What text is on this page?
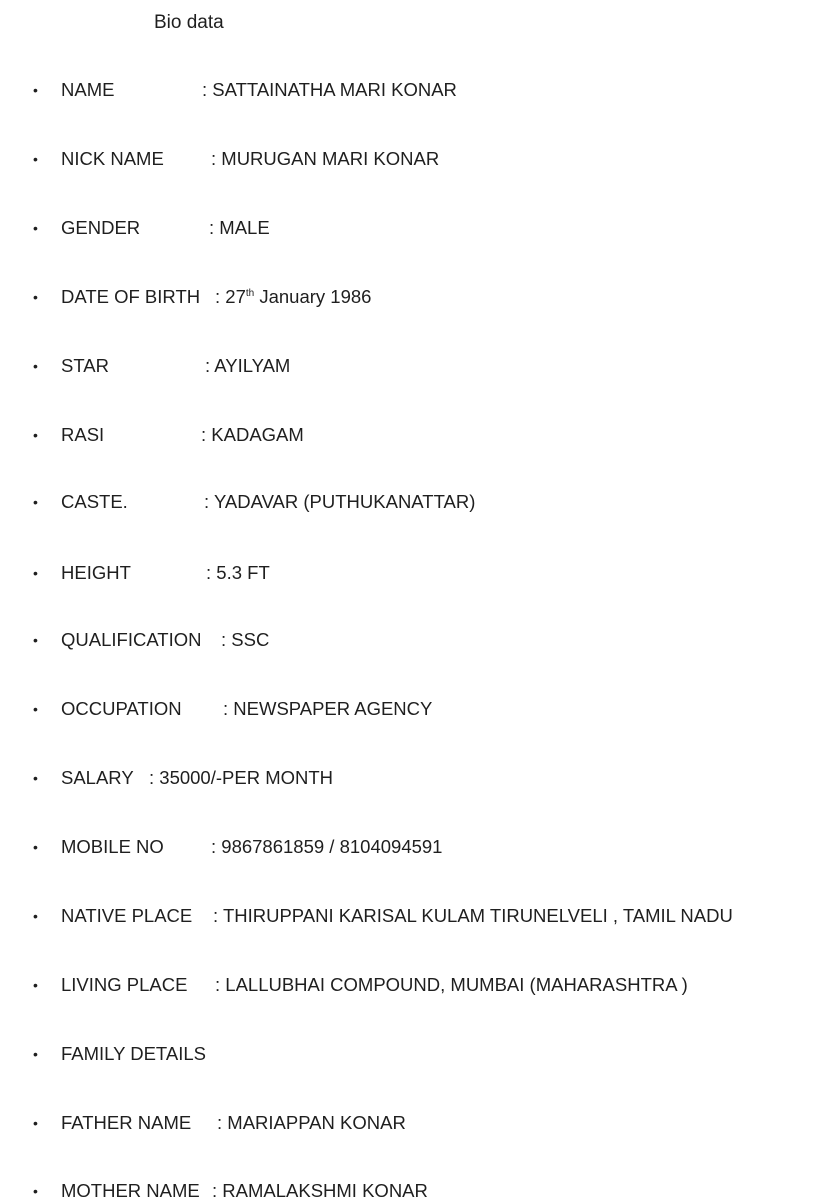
Bio data
• NAME	: SATTAINATHA MARI KONAR
• NICK NAME	: MURUGAN MARI KONAR
• GENDER	: MALE
• DATE OF BIRTH : 27th January 1986
• STAR	: AYILYAM
• RASI	: KADAGAM
• CASTE.	: YADAVAR (PUTHUKANATTAR)
• HEIGHT	: 5.3 FT
• QUALIFICATION : SSC
• OCCUPATION : NEWSPAPER AGENCY
• SALARY : 35000/-PER MONTH
• MOBILE NO	: 9867861859 / 8104094591
• NATIVE PLACE : THIRUPPANI KARISAL KULAM TIRUNELVELI , TAMIL NADU
• LIVING PLACE : LALLUBHAI COMPOUND, MUMBAI (MAHARASHTRA )
• FAMILY DETAILS
• FATHER NAME : MARIAPPAN KONAR
• MOTHER NAME : RAMALAKSHMI KONAR
